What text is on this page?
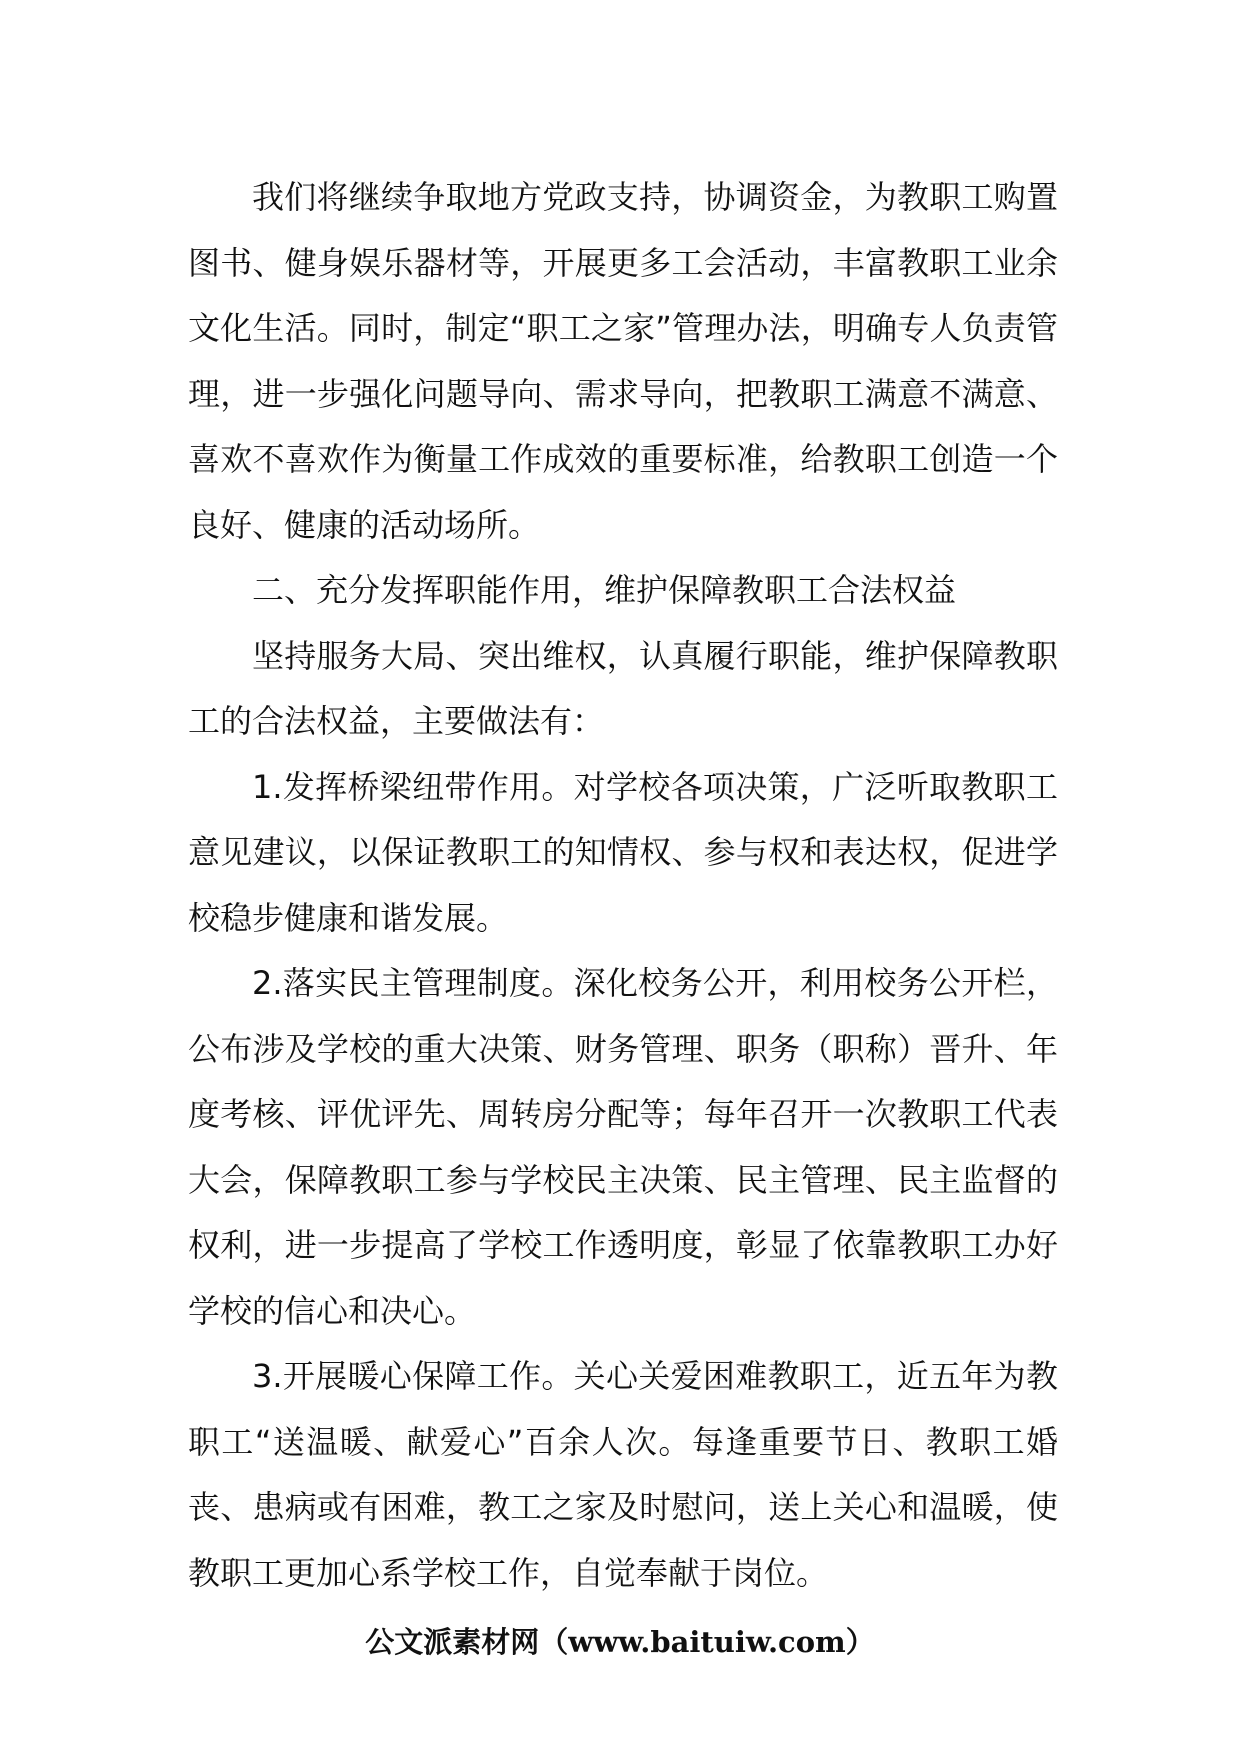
我们将继续争取地方党政支持，协调资金，为教职工购置图书、健身娱乐器材等，开展更多工会活动，丰富教职工业余文化生活。同时，制定“职工之家”管理办法，明确专人负责管理，进一步强化问题导向、需求导向，把教职工满意不满意、喜欢不喜欢作为衡量工作成效的重要标准，给教职工创造一个良好、健康的活动场所。

二、充分发挥职能作用，维护保障教职工合法权益

坚持服务大局、突出维权，认真履行职能，维护保障教职工的合法权益，主要做法有：

1.发挥桥梁纽带作用。对学校各项决策，广泛听取教职工意见建议，以保证教职工的知情权、参与权和表达权，促进学校稳步健康和谐发展。

2.落实民主管理制度。深化校务公开，利用校务公开栏，公布涉及学校的重大决策、财务管理、职务（职称）晋升、年度考核、评优评先、周转房分配等；每年召开一次教职工代表大会，保障教职工参与学校民主决策、民主管理、民主监督的权利，进一步提高了学校工作透明度，彰显了依靠教职工办好学校的信心和决心。

3.开展暖心保障工作。关心关爱困难教职工，近五年为教职工“送温暖、献爱心”百余人次。每逢重要节日、教职工婚丧、患病或有困难，教工之家及时慰问，送上关心和温暖，使教职工更加心系学校工作，自觉奉献于岗位。

公文派素材网（www.baituiw.com）
